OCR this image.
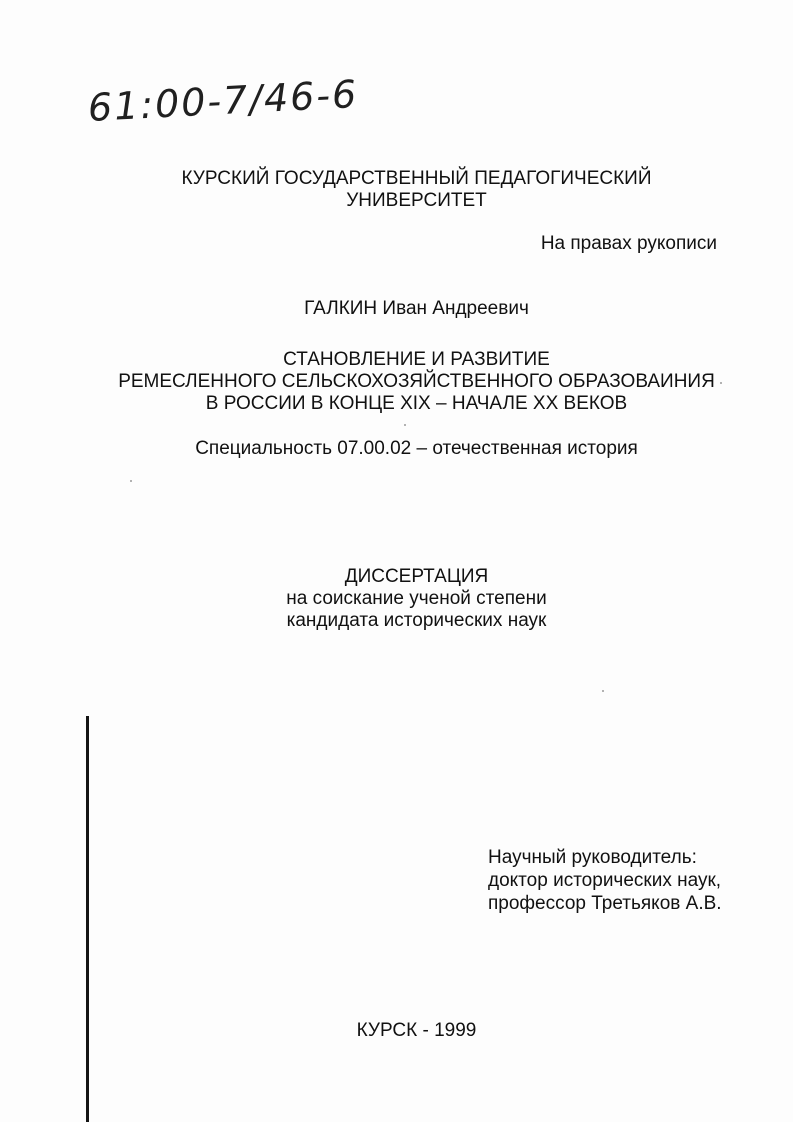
61:00-7/46-6
КУРСКИЙ ГОСУДАРСТВЕННЫЙ ПЕДАГОГИЧЕСКИЙ
УНИВЕРСИТЕТ
На правах рукописи
ГАЛКИН Иван Андреевич
СТАНОВЛЕНИЕ И РАЗВИТИЕ
РЕМЕСЛЕННОГО СЕЛЬСКОХОЗЯЙСТВЕННОГО ОБРАЗОВАИНИЯ
В РОССИИ В КОНЦЕ XIX – НАЧАЛЕ XX ВЕКОВ
Специальность 07.00.02 – отечественная история
ДИССЕРТАЦИЯ
на соискание ученой степени
кандидата исторических наук
Научный руководитель:
доктор исторических наук,
профессор Третьяков А.В.
КУРСК - 1999
